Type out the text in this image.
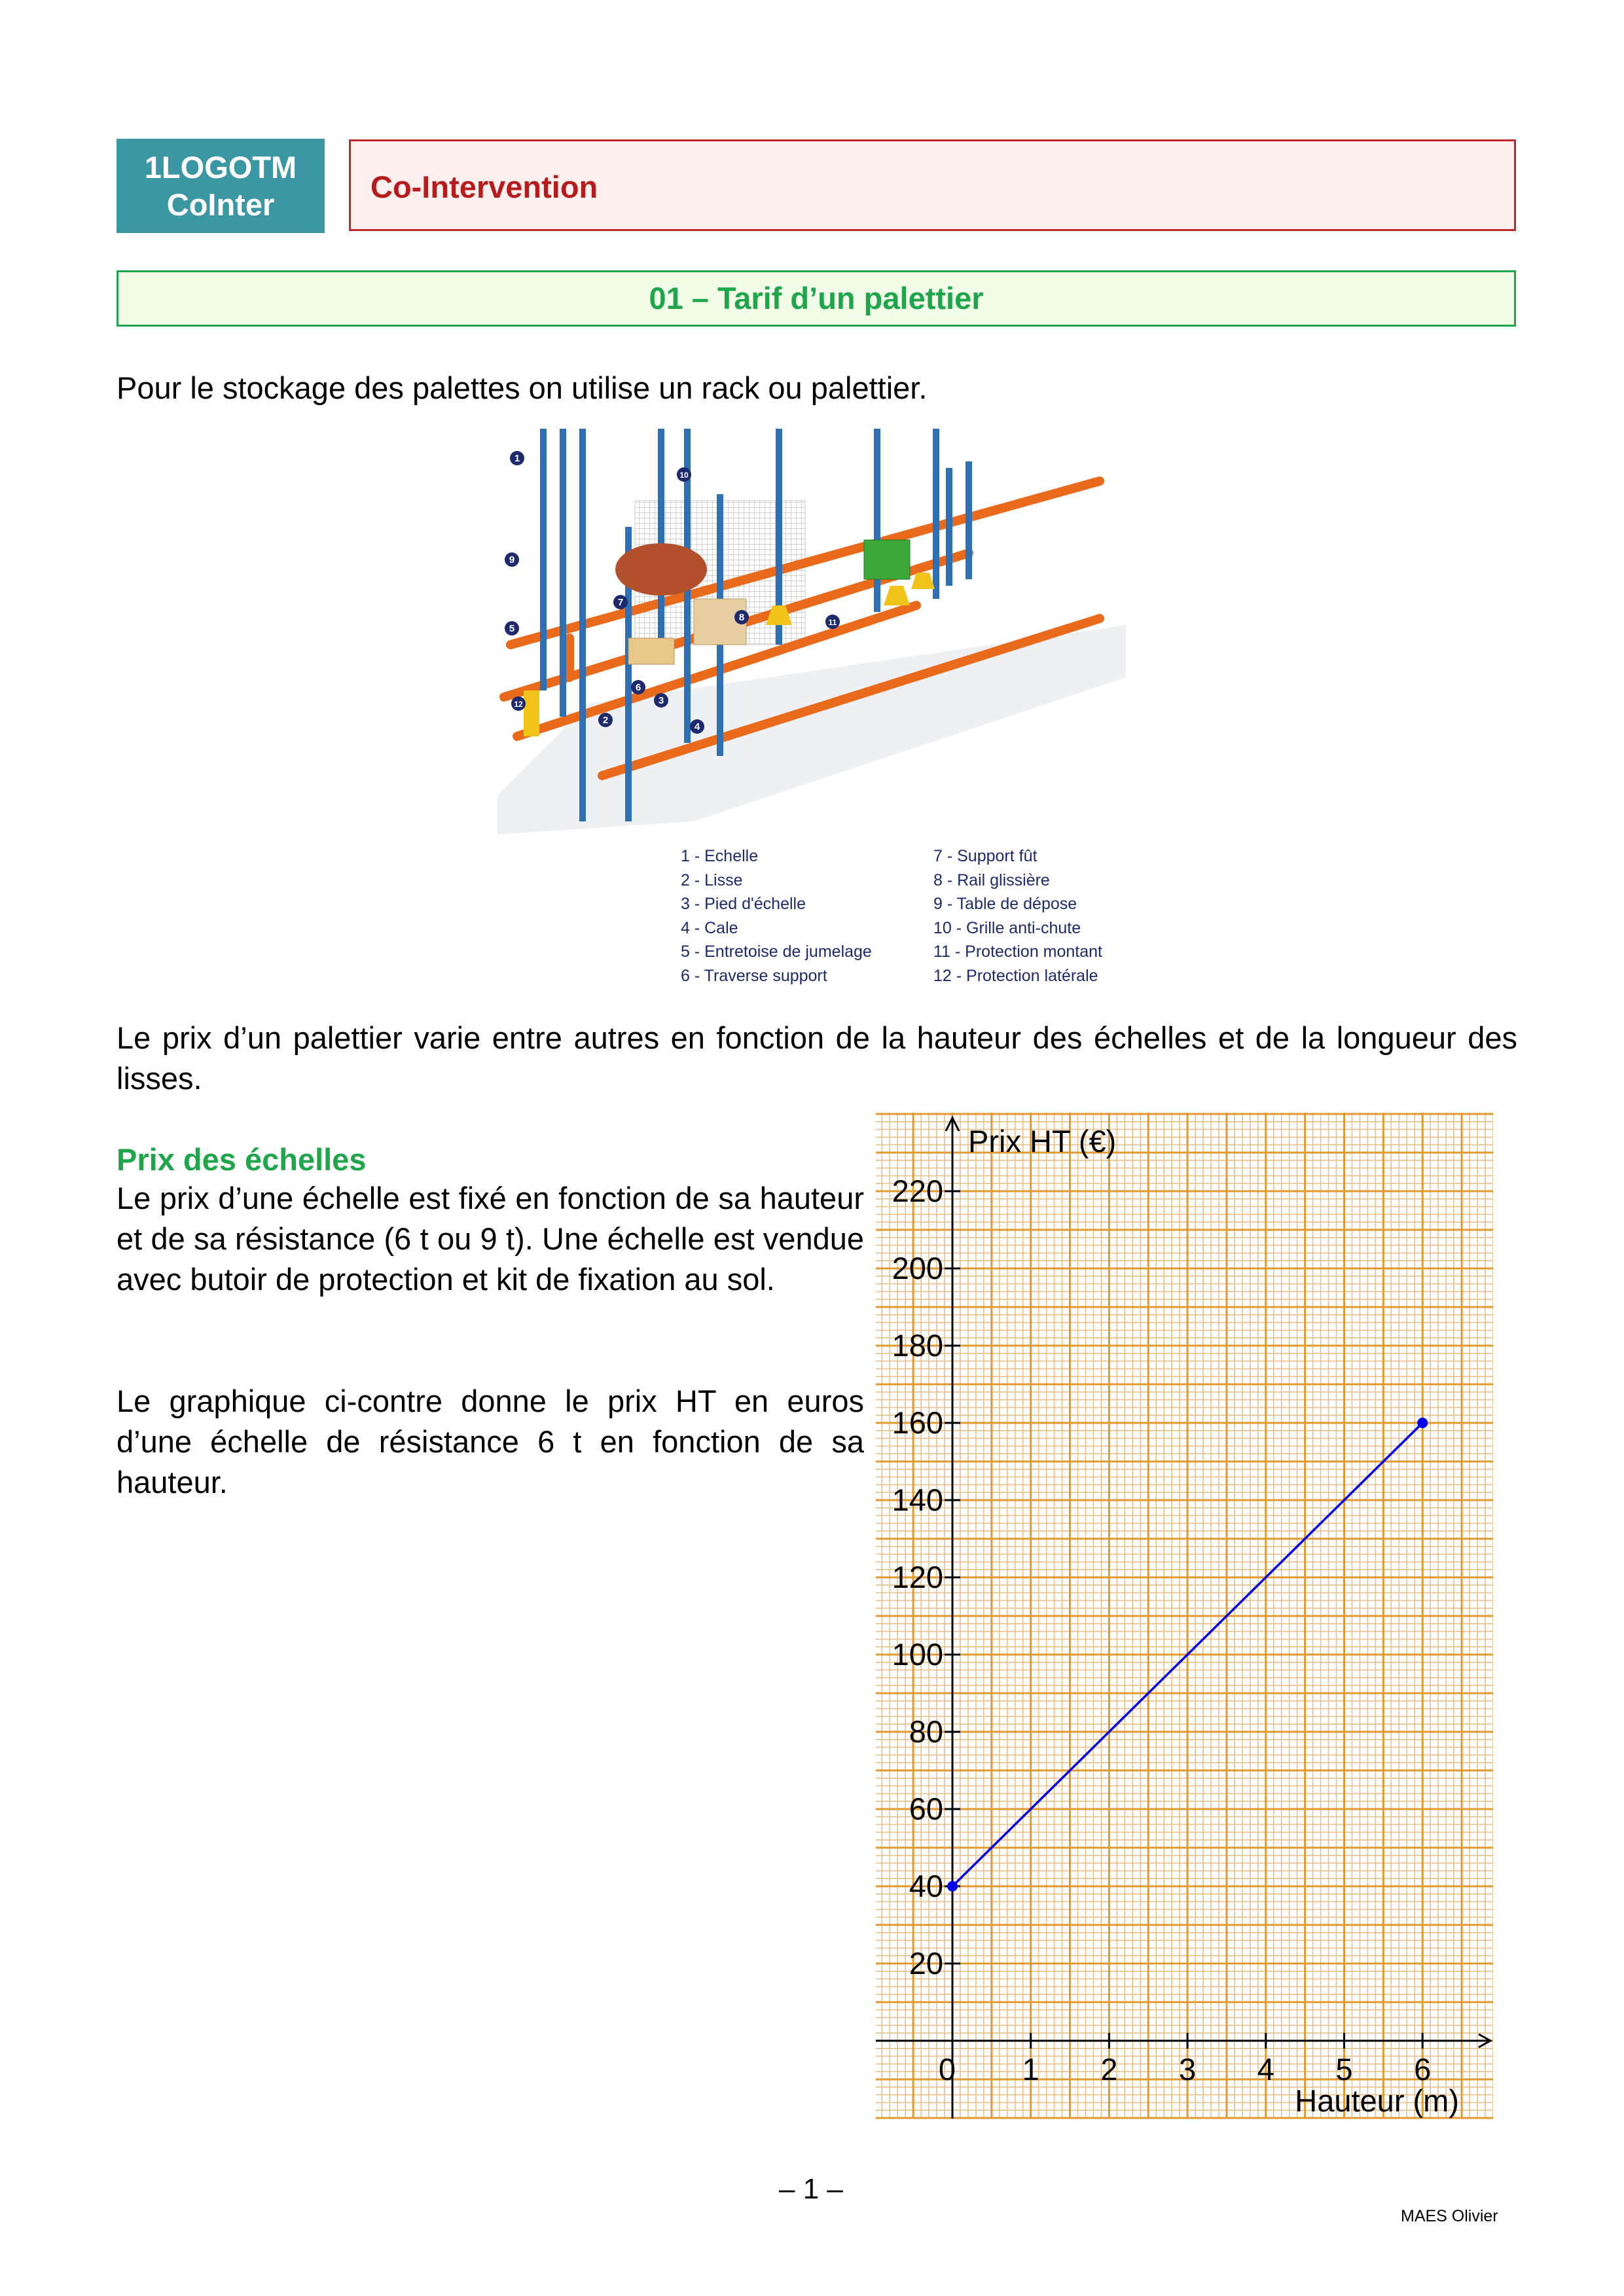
1LOGOTM
CoInter
Co-Intervention
01 – Tarif d’un palettier
Pour le stockage des palettes on utilise un rack ou palettier.
1
10
9
7
8	11
5
6
12
2
3
4
1 - Echelle
2 - Lisse
3 - Pied d'échelle
4 - Cale
5 - Entretoise de jumelage
6 - Traverse support
7 - Support fût
8 - Rail glissière
9 - Table de dépose
10 - Grille anti-chute
11 - Protection montant
12 - Protection latérale
Le prix d’un palettier varie entre autres en fonction de la hauteur des échelles et de la longueur des lisses.
Prix des échelles
Le prix d’une échelle est fixé en fonction de sa hauteur et de sa résistance (6 t ou 9 t). Une échelle est vendue avec butoir de protection et kit de fixation au sol.
Le graphique ci-contre donne le prix HT en euros d’une échelle de résistance 6 t en fonction de sa hauteur.
20
40
60
80
100
120
140
160
180
200
220
0 1 2 3 4 5 6
Prix HT (€)
Hauteur (m)
– 1 –
MAES Olivier
